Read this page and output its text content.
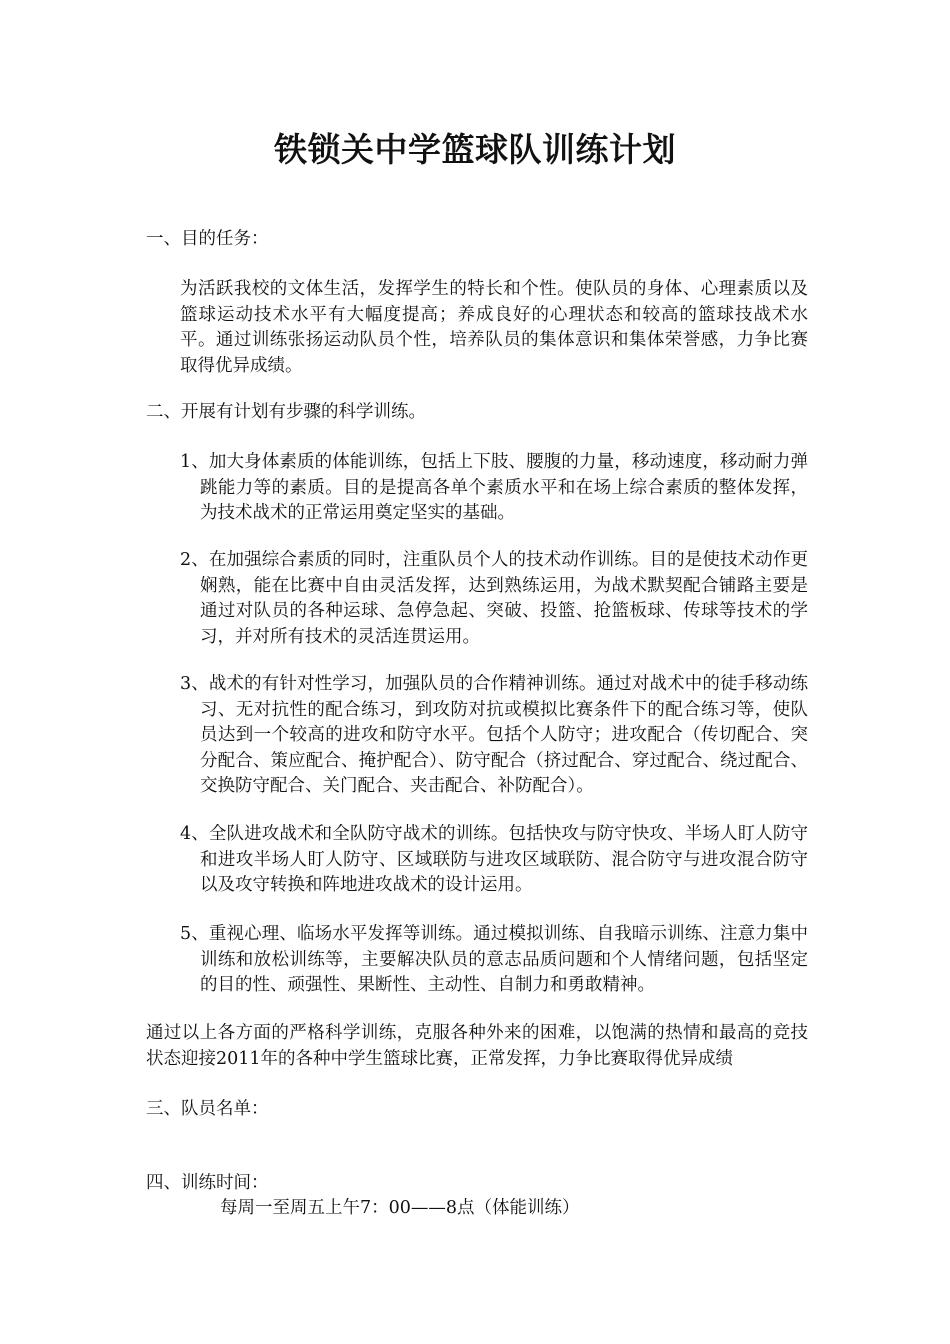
铁锁关中学篮球队训练计划
一、目的任务：
为活跃我校的文体生活，发挥学生的特长和个性。使队员的身体、心理素质以及篮球运动技术水平有大幅度提高；养成良好的心理状态和较高的篮球技战术水平。通过训练张扬运动队员个性，培养队员的集体意识和集体荣誉感，力争比赛取得优异成绩。
二、开展有计划有步骤的科学训练。
1、加大身体素质的体能训练，包括上下肢、腰腹的力量，移动速度，移动耐力弹跳能力等的素质。目的是提高各单个素质水平和在场上综合素质的整体发挥，为技术战术的正常运用奠定坚实的基础。
2、在加强综合素质的同时，注重队员个人的技术动作训练。目的是使技术动作更娴熟，能在比赛中自由灵活发挥，达到熟练运用，为战术默契配合铺路主要是通过对队员的各种运球、急停急起、突破、投篮、抢篮板球、传球等技术的学习，并对所有技术的灵活连贯运用。
3、战术的有针对性学习，加强队员的合作精神训练。通过对战术中的徒手移动练习、无对抗性的配合练习，到攻防对抗或模拟比赛条件下的配合练习等，使队员达到一个较高的进攻和防守水平。包括个人防守；进攻配合（传切配合、突分配合、策应配合、掩护配合）、防守配合（挤过配合、穿过配合、绕过配合、交换防守配合、关门配合、夹击配合、补防配合）。
4、全队进攻战术和全队防守战术的训练。包括快攻与防守快攻、半场人盯人防守和进攻半场人盯人防守、区域联防与进攻区域联防、混合防守与进攻混合防守以及攻守转换和阵地进攻战术的设计运用。
5、重视心理、临场水平发挥等训练。通过模拟训练、自我暗示训练、注意力集中训练和放松训练等，主要解决队员的意志品质问题和个人情绪问题，包括坚定的目的性、顽强性、果断性、主动性、自制力和勇敢精神。
通过以上各方面的严格科学训练，克服各种外来的困难，以饱满的热情和最高的竞技状态迎接2011年的各种中学生篮球比赛，正常发挥，力争比赛取得优异成绩
三、队员名单：
四、训练时间：
每周一至周五上午7：00——8点（体能训练）
